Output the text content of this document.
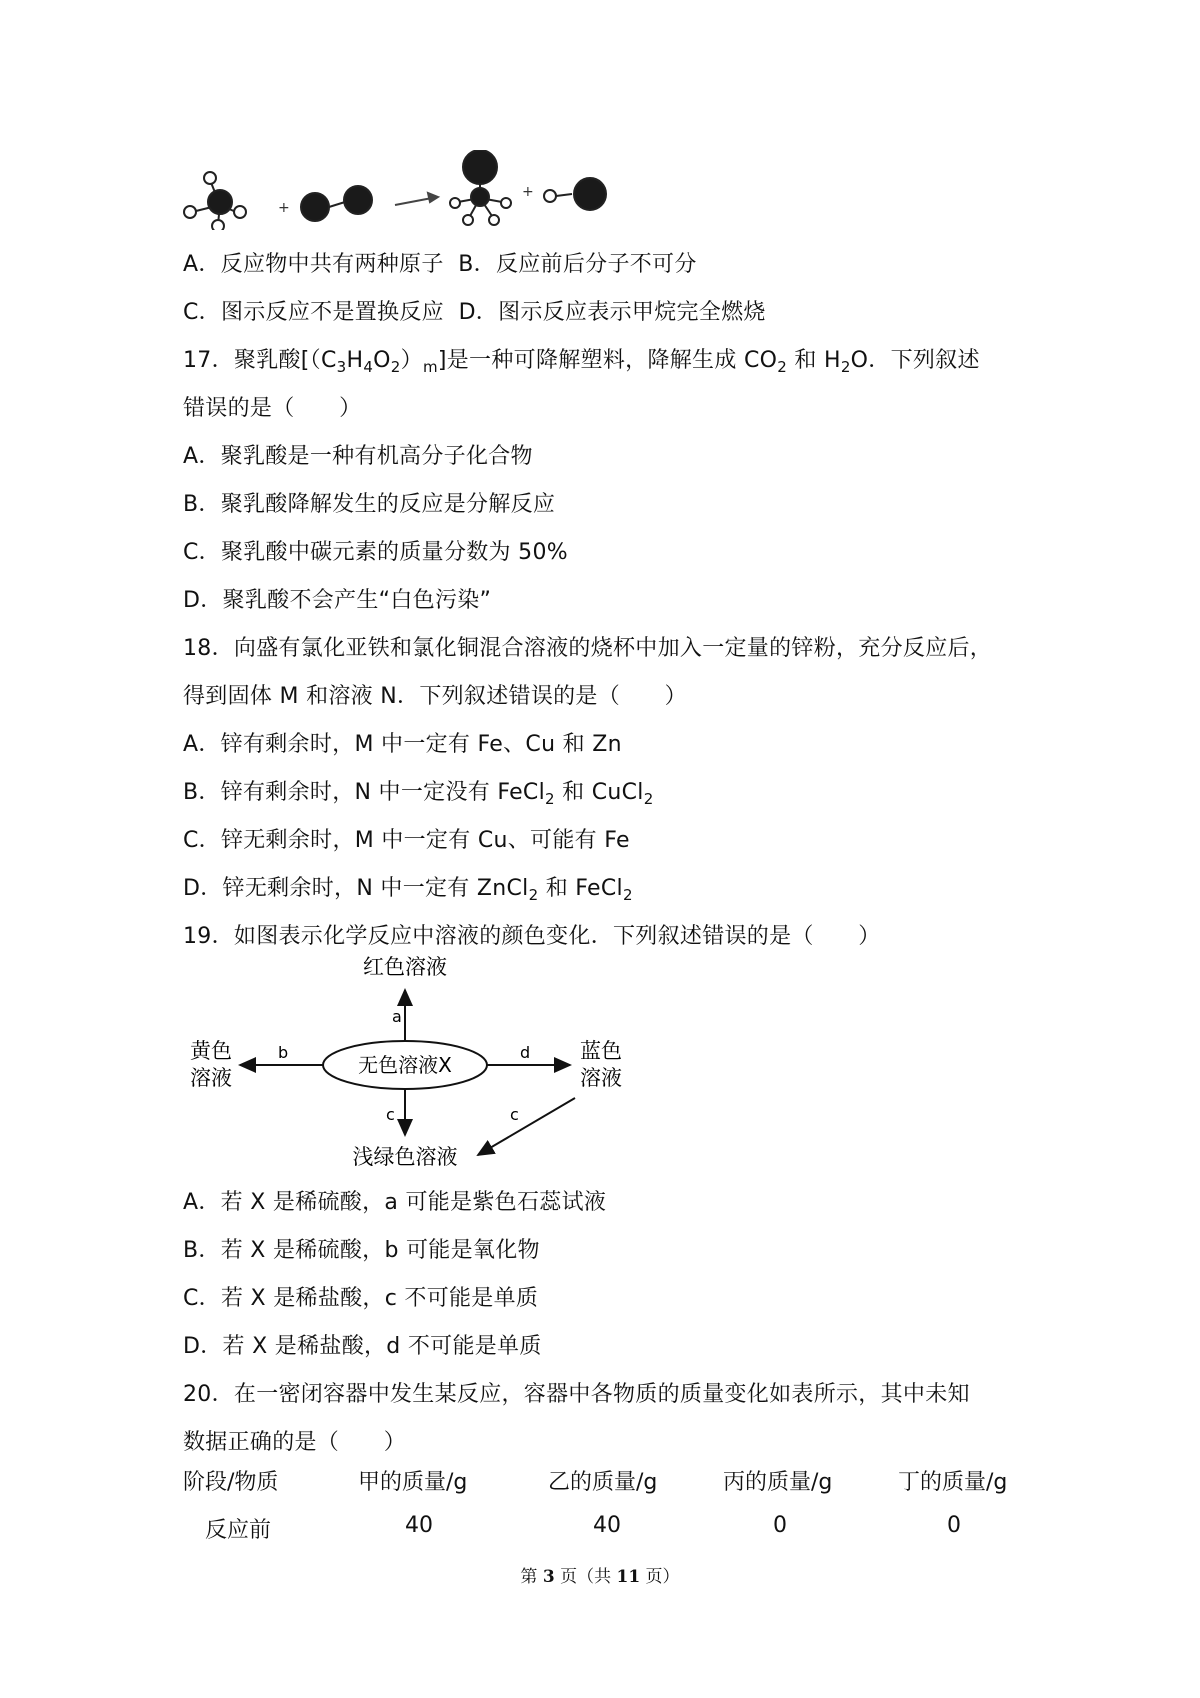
+
+
A．反应物中共有两种原子 B．反应前后分子不可分
C．图示反应不是置换反应 D．图示反应表示甲烷完全燃烧
17．聚乳酸$[(C_3H_4O_2)_m]$是一种可降解塑料，降解生成 $CO_2$ 和 $H_2O$．下列叙述
错误的是（　　）
A．聚乳酸是一种有机高分子化合物
B．聚乳酸降解发生的反应是分解反应
C．聚乳酸中碳元素的质量分数为 50%
D．聚乳酸不会产生“白色污染”
18．向盛有氯化亚铁和氯化铜混合溶液的烧杯中加入一定量的锌粉，充分反应后，
得到固体 M 和溶液 N．下列叙述错误的是（　　）
A．锌有剩余时，M 中一定有 Fe、Cu 和 Zn
B．锌有剩余时，N 中一定没有 FeCl$_2$ 和 CuCl$_2$
C．锌无剩余时，M 中一定有 Cu、可能有 Fe
D．锌无剩余时，N 中一定有 ZnCl$_2$ 和 FeCl$_2$
19．如图表示化学反应中溶液的颜色变化．下列叙述错误的是（　　）
无色溶液X
a
红色溶液
b
黄色
溶液
d 蓝色
溶液
c	c
浅绿色溶液
A．若 X 是稀硫酸，a 可能是紫色石蕊试液
B．若 X 是稀硫酸，b 可能是氧化物
C．若 X 是稀盐酸，c 不可能是单质
D．若 X 是稀盐酸，d 不可能是单质
20．在一密闭容器中发生某反应，容器中各物质的质量变化如表所示，其中未知
数据正确的是（　　）
阶段/物质	甲的质量/g	乙的质量/g	丙的质量/g	丁的质量/g
反应前	40	40	0	0
第 3 页（共 11 页）
